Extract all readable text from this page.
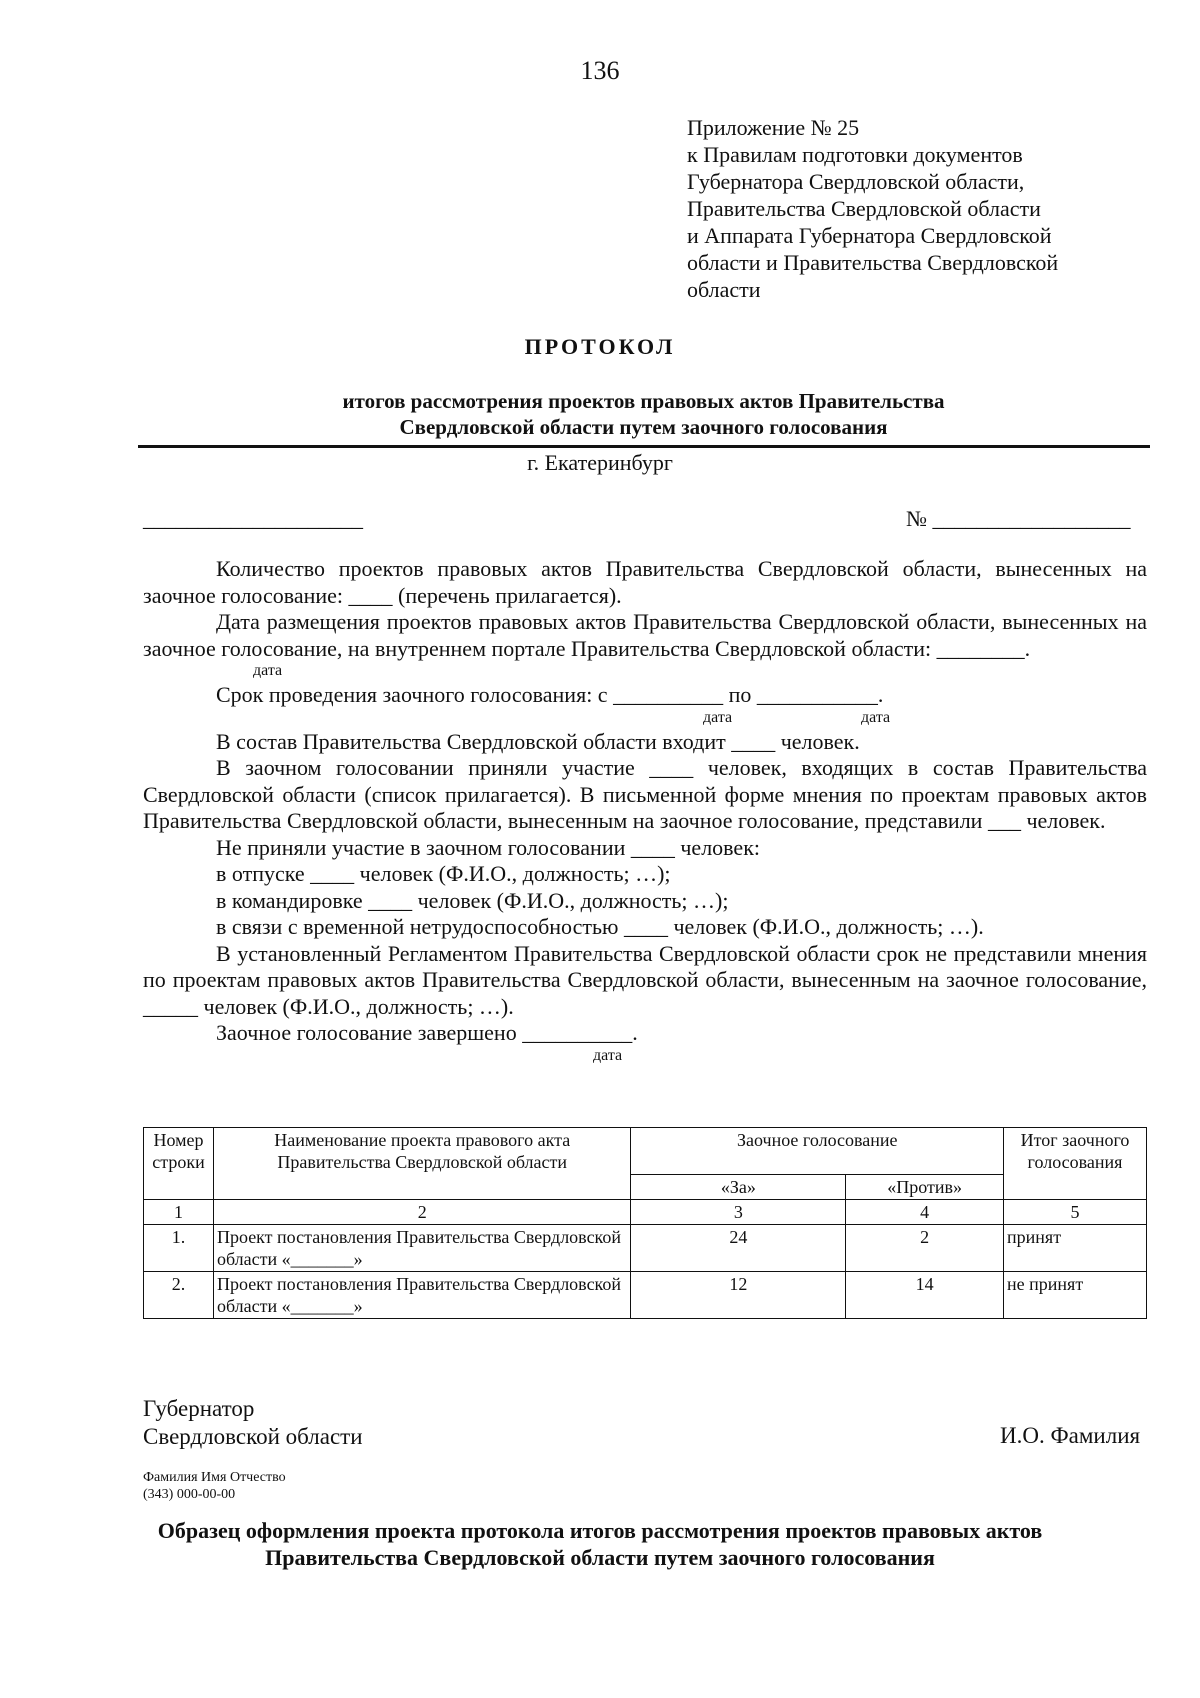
136
Приложение № 25
к Правилам подготовки документов
Губернатора Свердловской области,
Правительства Свердловской области
и Аппарата Губернатора Свердловской
области и Правительства Свердловской
области
ПРОТОКОЛ
итогов рассмотрения проектов правовых актов Правительства
Свердловской области путем заочного голосования
г. Екатеринбург
____________________	№ __________________
Количество проектов правовых актов Правительства Свердловской области, вынесенных на заочное голосование: ____ (перечень прилагается).
Дата размещения проектов правовых актов Правительства Свердловской области, вынесенных на заочное голосование, на внутреннем портале Правительства Свердловской области: ________.
дата
Срок проведения заочного голосования: с __________ по ___________.
дата	дата
В состав Правительства Свердловской области входит ____ человек.
В заочном голосовании приняли участие ____ человек, входящих в состав Правительства Свердловской области (список прилагается). В письменной форме мнения по проектам правовых актов Правительства Свердловской области, вынесенным на заочное голосование, представили ___ человек.
Не приняли участие в заочном голосовании ____ человек:
в отпуске ____ человек (Ф.И.О., должность; …);
в командировке ____ человек (Ф.И.О., должность; …);
в связи с временной нетрудоспособностью ____ человек (Ф.И.О., должность; …).
В установленный Регламентом Правительства Свердловской области срок не представили мнения по проектам правовых актов Правительства Свердловской области, вынесенным на заочное голосование, _____ человек (Ф.И.О., должность; …).
Заочное голосование завершено __________.
дата
Номер строки	Наименование проекта правового акта Правительства Свердловской области	Заочное голосование		Итог заочного голосования
		«За»	«Против»	
1	2	3	4	5
1.	Проект постановления Правительства Свердловской области «_______»	24	2	принят
2.	Проект постановления Правительства Свердловской области «_______»	12	14	не принят
Губернатор
Свердловской области	И.О. Фамилия
Фамилия Имя Отчество
(343) 000-00-00
Образец оформления проекта протокола итогов рассмотрения проектов правовых актов
Правительства Свердловской области путем заочного голосования
